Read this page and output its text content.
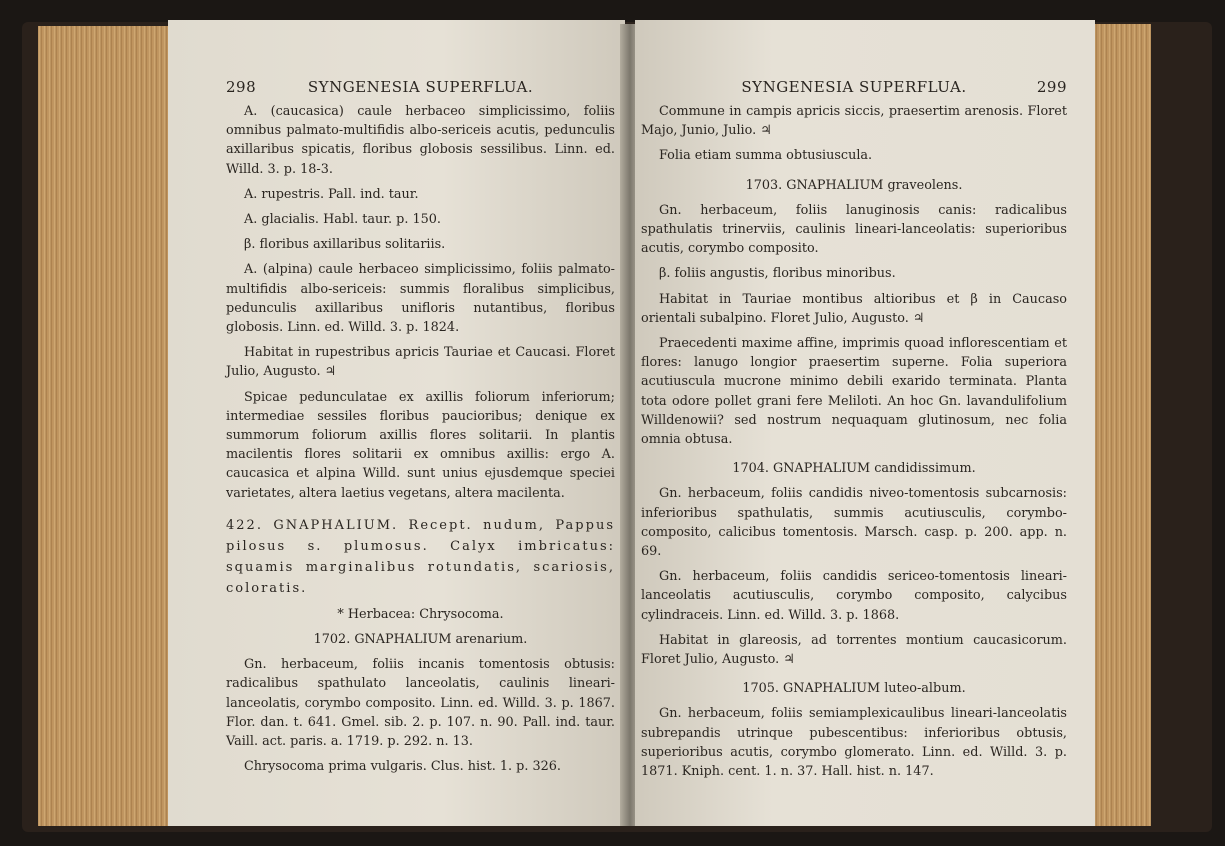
298	SYNGENESIA SUPERFLUA.

A. (caucasica) caule herbaceo simplicissimo, foliis omnibus palmato-multifidis albo-sericeis acutis, pedunculis axillaribus spicatis, floribus globosis sessilibus. Linn. ed. Willd. 3. p. 18-3.

A. rupestris. Pall. ind. taur.

A. glacialis. Habl. taur. p. 150.

β. floribus axillaribus solitariis.

A. (alpina) caule herbaceo simplicissimo, foliis palmato-multifidis albo-sericeis: summis floralibus simplicibus, pedunculis axillaribus unifloris nutantibus, floribus globosis. Linn. ed. Willd. 3. p. 1824.

Habitat in rupestribus apricis Tauriae et Caucasi. Floret Julio, Augusto. ♃

Spicae pedunculatae ex axillis foliorum inferiorum; intermediae sessiles floribus paucioribus; denique ex summorum foliorum axillis flores solitarii. In plantis macilentis flores solitarii ex omnibus axillis: ergo A. caucasica et alpina Willd. sunt unius ejusdemque speciei varietates, altera laetius vegetans, altera macilenta.

422. GNAPHALIUM. Recept. nudum, Pappus pilosus s. plumosus. Calyx imbricatus: squamis marginalibus rotundatis, scariosis, coloratis.

* Herbacea: Chrysocoma.

1702. GNAPHALIUM arenarium.

Gn. herbaceum, foliis incanis tomentosis obtusis: radicalibus spathulato lanceolatis, caulinis lineari-lanceolatis, corymbo composito. Linn. ed. Willd. 3. p. 1867. Flor. dan. t. 641. Gmel. sib. 2. p. 107. n. 90. Pall. ind. taur. Vaill. act. paris. a. 1719. p. 292. n. 13.

Chrysocoma prima vulgaris. Clus. hist. 1. p. 326.

SYNGENESIA SUPERFLUA.	299

Commune in campis apricis siccis, praesertim arenosis. Floret Majo, Junio, Julio. ♃

Folia etiam summa obtusiuscula.

1703. GNAPHALIUM graveolens.

Gn. herbaceum, foliis lanuginosis canis: radicalibus spathulatis trinerviis, caulinis lineari-lanceolatis: superioribus acutis, corymbo composito.

β. foliis angustis, floribus minoribus.

Habitat in Tauriae montibus altioribus et β in Caucaso orientali subalpino. Floret Julio, Augusto. ♃

Praecedenti maxime affine, imprimis quoad inflorescentiam et flores: lanugo longior praesertim superne. Folia superiora acutiuscula mucrone minimo debili exarido terminata. Planta tota odore pollet grani fere Meliloti. An hoc Gn. lavandulifolium Willdenowii? sed nostrum nequaquam glutinosum, nec folia omnia obtusa.

1704. GNAPHALIUM candidissimum.

Gn. herbaceum, foliis candidis niveo-tomentosis subcarnosis: inferioribus spathulatis, summis acutiusculis, corymbo-composito, calicibus tomentosis. Marsch. casp. p. 200. app. n. 69.

Gn. herbaceum, foliis candidis sericeo-tomentosis lineari-lanceolatis acutiusculis, corymbo composito, calycibus cylindraceis. Linn. ed. Willd. 3. p. 1868.

Habitat in glareosis, ad torrentes montium caucasicorum. Floret Julio, Augusto. ♃

1705. GNAPHALIUM luteo-album.

Gn. herbaceum, foliis semiamplexicaulibus lineari-lanceolatis subrepandis utrinque pubescentibus: inferioribus obtusis, superioribus acutis, corymbo glomerato. Linn. ed. Willd. 3. p. 1871. Kniph. cent. 1. n. 37. Hall. hist. n. 147.
